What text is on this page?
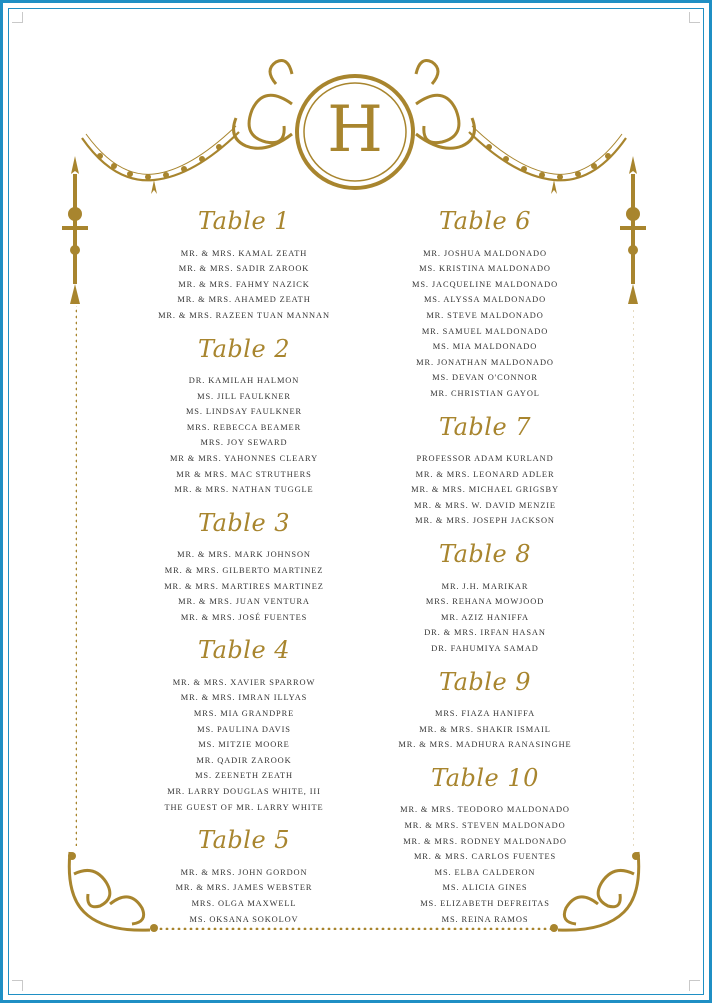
H
Table 1
MR. & MRS. KAMAL ZEATH
MR. & MRS. SADIR ZAROOK
MR. & MRS. FAHMY NAZICK
MR. & MRS. AHAMED ZEATH
MR. & MRS. RAZEEN TUAN MANNAN
Table 2
DR. KAMILAH HALMON
MS. JILL FAULKNER
MS. LINDSAY FAULKNER
MRS. REBECCA BEAMER
MRS. JOY SEWARD
MR & MRS. YAHONNES CLEARY
MR & MRS. MAC STRUTHERS
MR. & MRS. NATHAN TUGGLE
Table 3
MR. & MRS. MARK JOHNSON
MR. & MRS. GILBERTO MARTINEZ
MR. & MRS. MARTIRES MARTINEZ
MR. & MRS. JUAN VENTURA
MR. & MRS. JOSÉ FUENTES
Table 4
MR. & MRS. XAVIER SPARROW
MR. & MRS. IMRAN ILLYAS
MRS. MIA GRANDPRE
MS. PAULINA DAVIS
MS. MITZIE MOORE
MR. QADIR ZAROOK
MS. ZEENETH ZEATH
MR. LARRY DOUGLAS WHITE, III
THE GUEST OF MR. LARRY WHITE
Table 5
MR. & MRS. JOHN GORDON
MR. & MRS. JAMES WEBSTER
MRS. OLGA MAXWELL
MS. OKSANA SOKOLOV
Table 6
MR. JOSHUA MALDONADO
MS. KRISTINA MALDONADO
MS. JACQUELINE MALDONADO
MS. ALYSSA MALDONADO
MR. STEVE MALDONADO
MR. SAMUEL MALDONADO
MS. MIA MALDONADO
MR. JONATHAN MALDONADO
MS. DEVAN O'CONNOR
MR. CHRISTIAN GAYOL
Table 7
PROFESSOR ADAM KURLAND
MR. & MRS. LEONARD ADLER
MR. & MRS. MICHAEL GRIGSBY
MR. & MRS. W. DAVID MENZIE
MR. & MRS. JOSEPH JACKSON
Table 8
MR. J.H. MARIKAR
MRS. REHANA MOWJOOD
MR. AZIZ HANIFFA
DR. & MRS. IRFAN HASAN
DR. FAHUMIYA SAMAD
Table 9
MRS. FIAZA HANIFFA
MR. & MRS. SHAKIR ISMAIL
MR. & MRS. MADHURA RANASINGHE
Table 10
MR. & MRS. TEODORO MALDONADO
MR. & MRS. STEVEN MALDONADO
MR. & MRS. RODNEY MALDONADO
MR. & MRS. CARLOS FUENTES
MS. ELBA CALDERON
MS. ALICIA GINES
MS. ELIZABETH DEFREITAS
MS. REINA RAMOS
